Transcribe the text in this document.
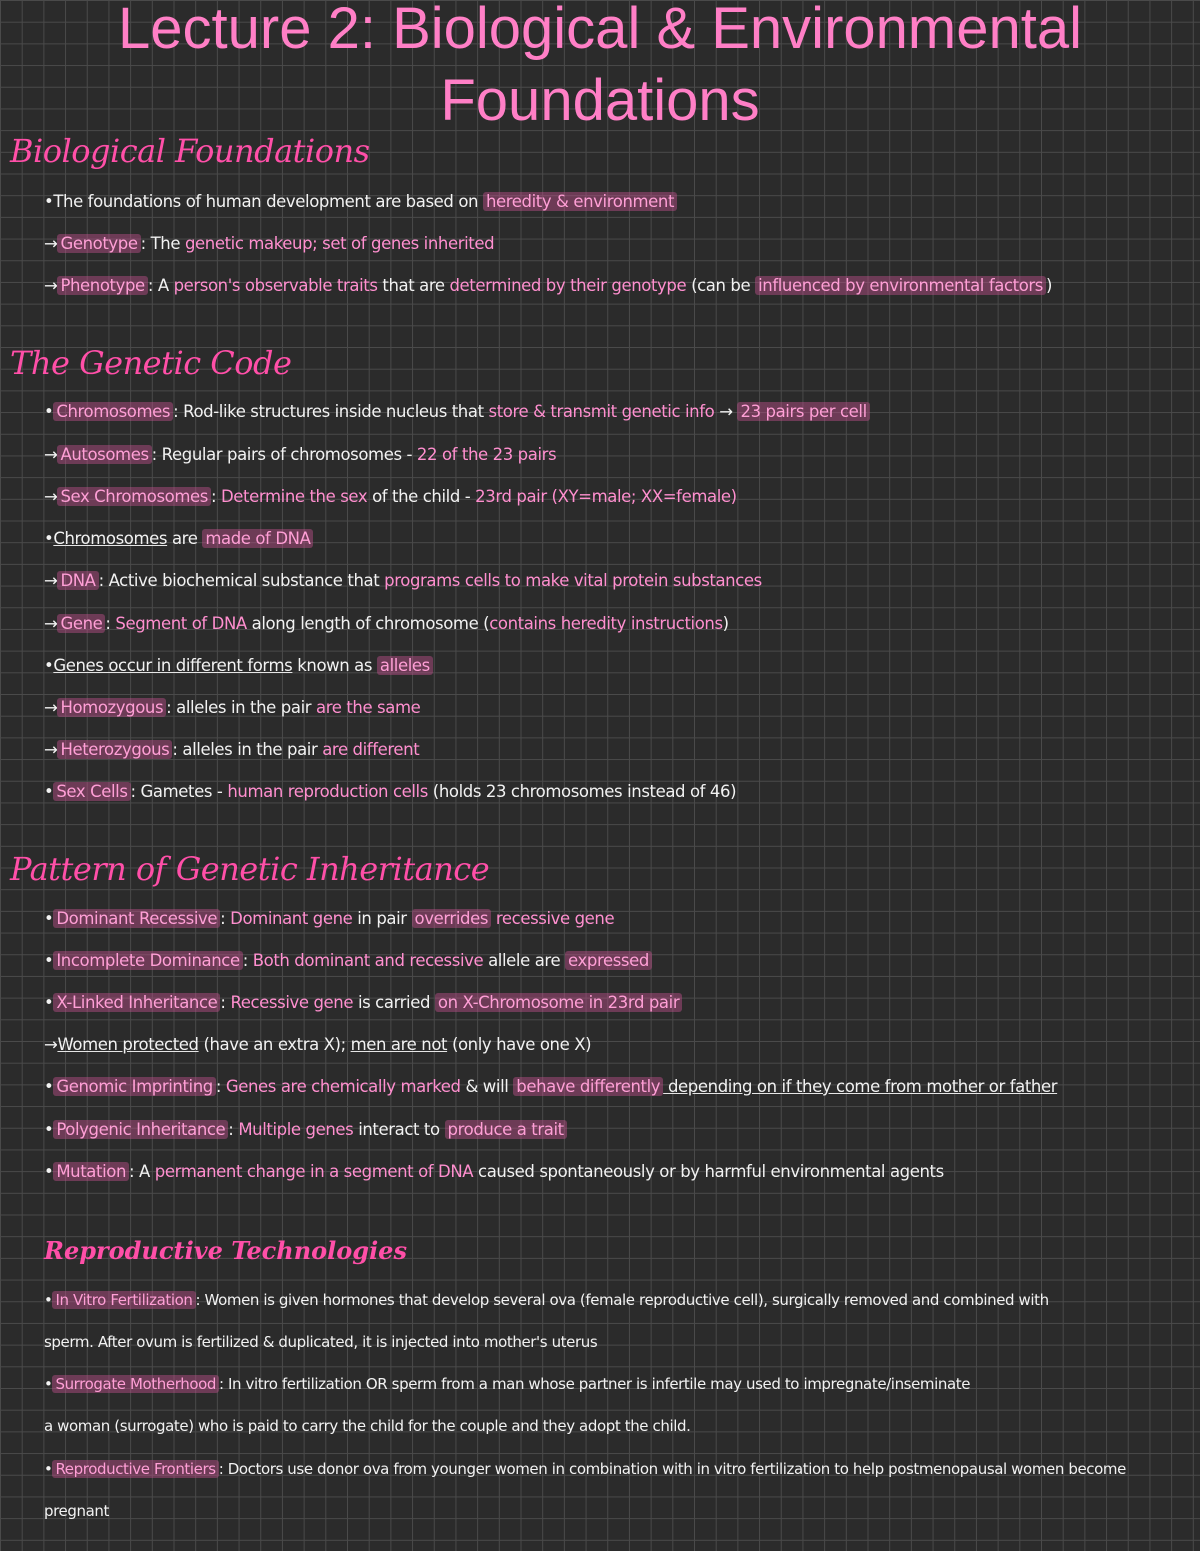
Lecture 2: Biological & Environmental
Foundations
Biological Foundations
•The foundations of human development are based on heredity & environment
→ Genotype : The genetic makeup; set of genes inherited
→ Phenotype : A person's observable traits that are determined by their genotype (can be influenced by environmental factors )
The Genetic Code
• Chromosomes : Rod-like structures inside nucleus that store & transmit genetic info → 23 pairs per cell
→ Autosomes : Regular pairs of chromosomes - 22 of the 23 pairs
→ Sex Chromosomes : Determine the sex of the child - 23rd pair (XY=male; XX=female)
•Chromosomes are made of DNA
→ DNA : Active biochemical substance that programs cells to make vital protein substances
→ Gene : Segment of DNA along length of chromosome (contains heredity instructions)
•Genes occur in different forms known as alleles
→ Homozygous : alleles in the pair are the same
→ Heterozygous : alleles in the pair are different
• Sex Cells : Gametes - human reproduction cells (holds 23 chromosomes instead of 46)
Pattern of Genetic Inheritance
• Dominant Recessive : Dominant gene in pair overrides recessive gene
• Incomplete Dominance : Both dominant and recessive allele are expressed
• X-Linked Inheritance : Recessive gene is carried on X-Chromosome in 23rd pair
→Women protected (have an extra X); men are not (only have one X)
• Genomic Imprinting : Genes are chemically marked & will behave differently depending on if they come from mother or father
• Polygenic Inheritance : Multiple genes interact to produce a trait
• Mutation : A permanent change in a segment of DNA caused spontaneously or by harmful environmental agents
Reproductive Technologies
• In Vitro Fertilization : Women is given hormones that develop several ova (female reproductive cell), surgically removed and combined with
sperm. After ovum is fertilized & duplicated, it is injected into mother's uterus
• Surrogate Motherhood : In vitro fertilization OR sperm from a man whose partner is infertile may used to impregnate/inseminate
a woman (surrogate) who is paid to carry the child for the couple and they adopt the child.
• Reproductive Frontiers : Doctors use donor ova from younger women in combination with in vitro fertilization to help postmenopausal women become
pregnant
